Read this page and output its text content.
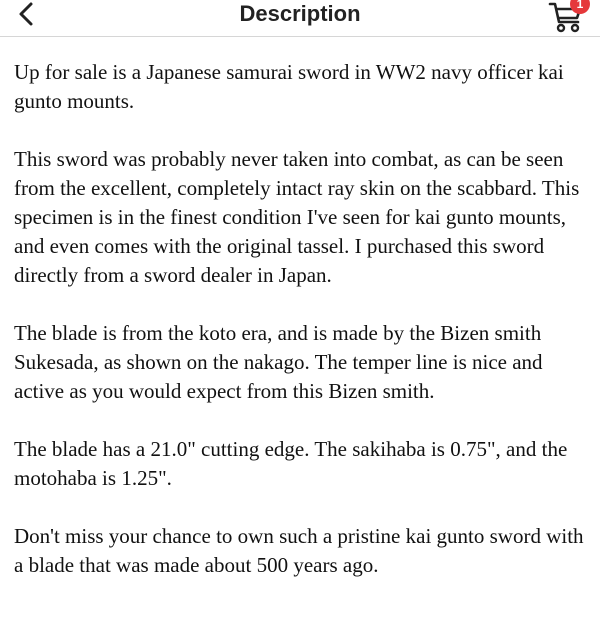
Description	1

Up for sale is a Japanese samurai sword in WW2 navy officer kai gunto mounts.

This sword was probably never taken into combat, as can be seen from the excellent, completely intact ray skin on the scabbard. This specimen is in the finest condition I've seen for kai gunto mounts, and even comes with the original tassel. I purchased this sword directly from a sword dealer in Japan.

The blade is from the koto era, and is made by the Bizen smith Sukesada, as shown on the nakago. The temper line is nice and active as you would expect from this Bizen smith.

The blade has a 21.0" cutting edge. The sakihaba is 0.75", and the motohaba is 1.25".

Don't miss your chance to own such a pristine kai gunto sword with a blade that was made about 500 years ago.
